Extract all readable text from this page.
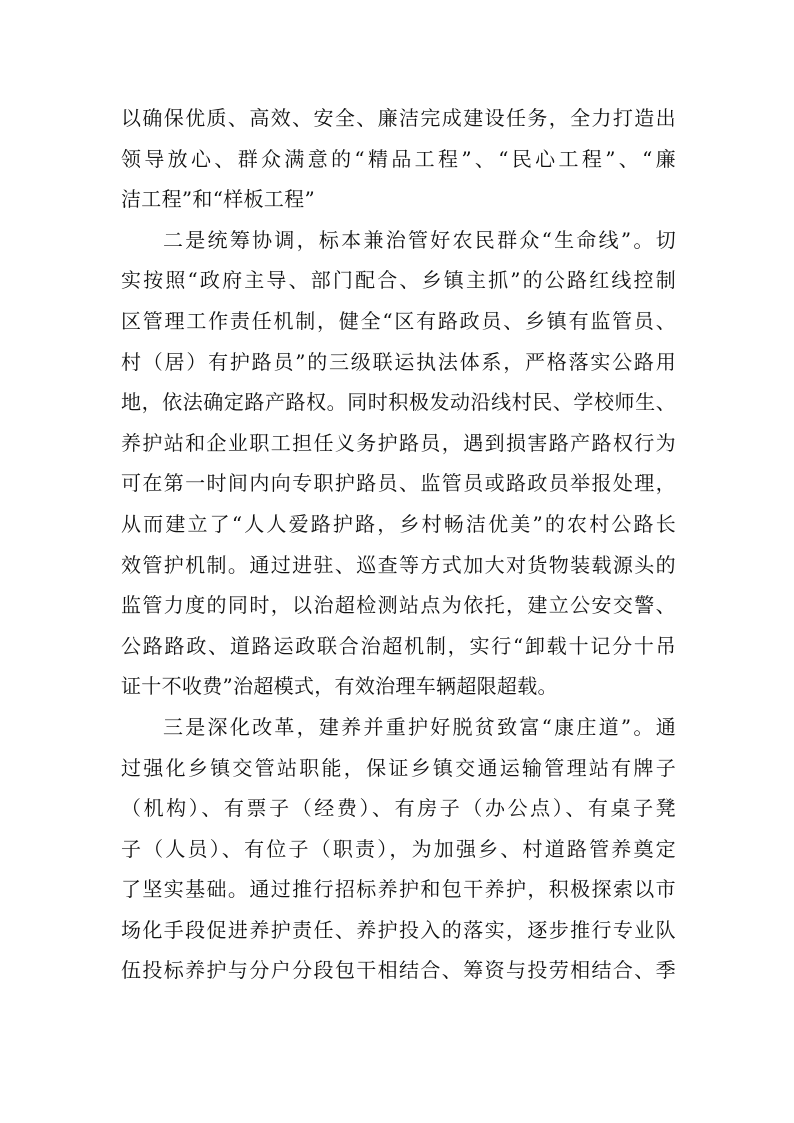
以确保优质、高效、安全、廉洁完成建设任务，全力打造出
领导放心、群众满意的“精品工程”、“民心工程”、“廉
洁工程”和“样板工程”
二是统筹协调，标本兼治管好农民群众“生命线”。切
实按照“政府主导、部门配合、乡镇主抓”的公路红线控制
区管理工作责任机制，健全“区有路政员、乡镇有监管员、
村（居）有护路员”的三级联运执法体系，严格落实公路用
地，依法确定路产路权。同时积极发动沿线村民、学校师生、
养护站和企业职工担任义务护路员，遇到损害路产路权行为
可在第一时间内向专职护路员、监管员或路政员举报处理，
从而建立了“人人爱路护路，乡村畅洁优美”的农村公路长
效管护机制。通过进驻、巡查等方式加大对货物装载源头的
监管力度的同时，以治超检测站点为依托，建立公安交警、
公路路政、道路运政联合治超机制，实行“卸载十记分十吊
证十不收费”治超模式，有效治理车辆超限超载。
三是深化改革，建养并重护好脱贫致富“康庄道”。通
过强化乡镇交管站职能，保证乡镇交通运输管理站有牌子
（机构）、有票子（经费）、有房子（办公点）、有桌子凳
子（人员）、有位子（职责），为加强乡、村道路管养奠定
了坚实基础。通过推行招标养护和包干养护，积极探索以市
场化手段促进养护责任、养护投入的落实，逐步推行专业队
伍投标养护与分户分段包干相结合、筹资与投劳相结合、季
